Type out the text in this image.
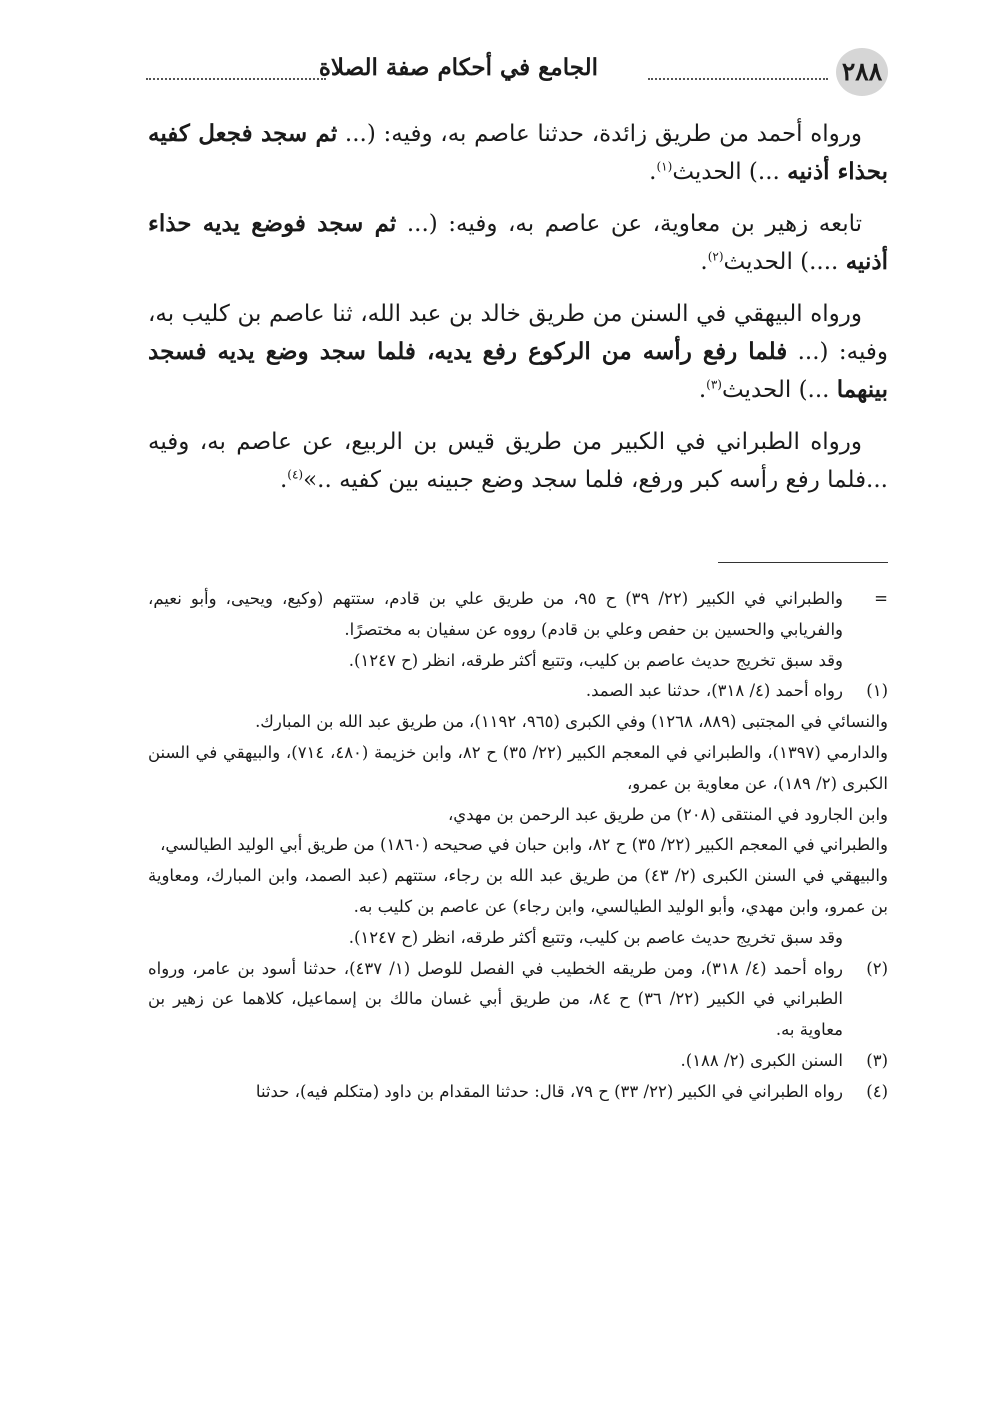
٢٨٨
الجامع في أحكام صفة الصلاة

ورواه أحمد من طريق زائدة، حدثنا عاصم به، وفيه: (... ثم سجد فجعل كفيه بحذاء أذنيه ...) الحديث$^{(١)}$.

تابعه زهير بن معاوية، عن عاصم به، وفيه: (... ثم سجد فوضع يديه حذاء أذنيه ....) الحديث$^{(٢)}$.

ورواه البيهقي في السنن من طريق خالد بن عبد الله، ثنا عاصم بن كليب به، وفيه: (... فلما رفع رأسه من الركوع رفع يديه، فلما سجد وضع يديه فسجد بينهما ...) الحديث$^{(٣)}$.

ورواه الطبراني في الكبير من طريق قيس بن الربيع، عن عاصم به، وفيه ...فلما رفع رأسه كبر ورفع، فلما سجد وضع جبينه بين كفيه ..»$^{(٤)}$.

=
والطبراني في الكبير (٢٢/ ٣٩) ح ٩٥، من طريق علي بن قادم، ستتهم (وكيع، ويحيى، وأبو نعيم، والفريابي والحسين بن حفص وعلي بن قادم) رووه عن سفيان به مختصرًا.

وقد سبق تخريج حديث عاصم بن كليب، وتتبع أكثر طرقه، انظر (ح ١٢٤٧).

(١)
رواه أحمد (٤/ ٣١٨)، حدثنا عبد الصمد.

والنسائي في المجتبى (٨٨٩، ١٢٦٨) وفي الكبرى (٩٦٥، ١١٩٢)، من طريق عبد الله بن المبارك.

والدارمي (١٣٩٧)، والطبراني في المعجم الكبير (٢٢/ ٣٥) ح ٨٢، وابن خزيمة (٤٨٠، ٧١٤)، والبيهقي في السنن الكبرى (٢/ ١٨٩)، عن معاوية بن عمرو،

وابن الجارود في المنتقى (٢٠٨) من طريق عبد الرحمن بن مهدي،

والطبراني في المعجم الكبير (٢٢/ ٣٥) ح ٨٢، وابن حبان في صحيحه (١٨٦٠) من طريق أبي الوليد الطيالسي،

والبيهقي في السنن الكبرى (٢/ ٤٣) من طريق عبد الله بن رجاء، ستتهم (عبد الصمد، وابن المبارك، ومعاوية بن عمرو، وابن مهدي، وأبو الوليد الطيالسي، وابن رجاء) عن عاصم بن كليب به.

وقد سبق تخريج حديث عاصم بن كليب، وتتبع أكثر طرقه، انظر (ح ١٢٤٧).

(٢)
رواه أحمد (٤/ ٣١٨)، ومن طريقه الخطيب في الفصل للوصل (١/ ٤٣٧)، حدثنا أسود بن عامر، ورواه الطبراني في الكبير (٢٢/ ٣٦) ح ٨٤، من طريق أبي غسان مالك بن إسماعيل، كلاهما عن زهير بن معاوية به.
(٣)
السنن الكبرى (٢/ ١٨٨).
(٤)
رواه الطبراني في الكبير (٢٢/ ٣٣) ح ٧٩، قال: حدثنا المقدام بن داود (متكلم فيه)، حدثنا
